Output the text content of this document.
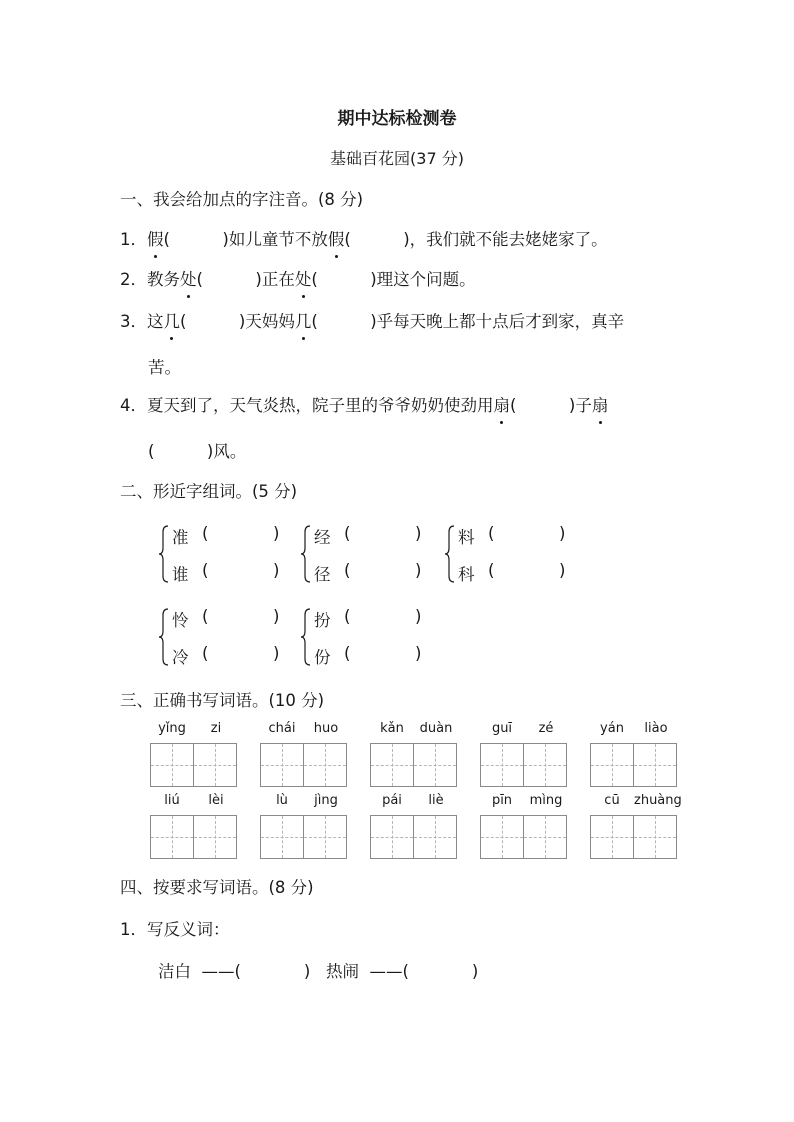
期中达标检测卷
基础百花园(37 分)
一、我会给加点的字注音。(8 分)
1．假(          )如儿童节不放假(          )，我们就不能去姥姥家了。
2．教务处(          )正在处(          )理这个问题。
3．这几(          )天妈妈几(          )乎每天晚上都十点后才到家，真辛
苦。
4．夏天到了，天气炎热，院子里的爷爷奶奶使劲用扇(          )子扇
(          )风。
二、形近字组词。(5 分)
准 (	)
谁 (	)
经 (	)
径 (	)
料 (	)
科 (	)
怜 (	)
冷 (	)
扮 (	)
份 (	)
三、正确书写词语。(10 分)
yǐng	zi	chái	huo	kǎn	duàn	guī	zé	yán	liào
liú	lèi	lù	jìng	pái	liè	pīn	mìng	cū	zhuàng
四、按要求写词语。(8 分)
1．写反义词：
洁白  ——(            )   热闹  ——(            )
